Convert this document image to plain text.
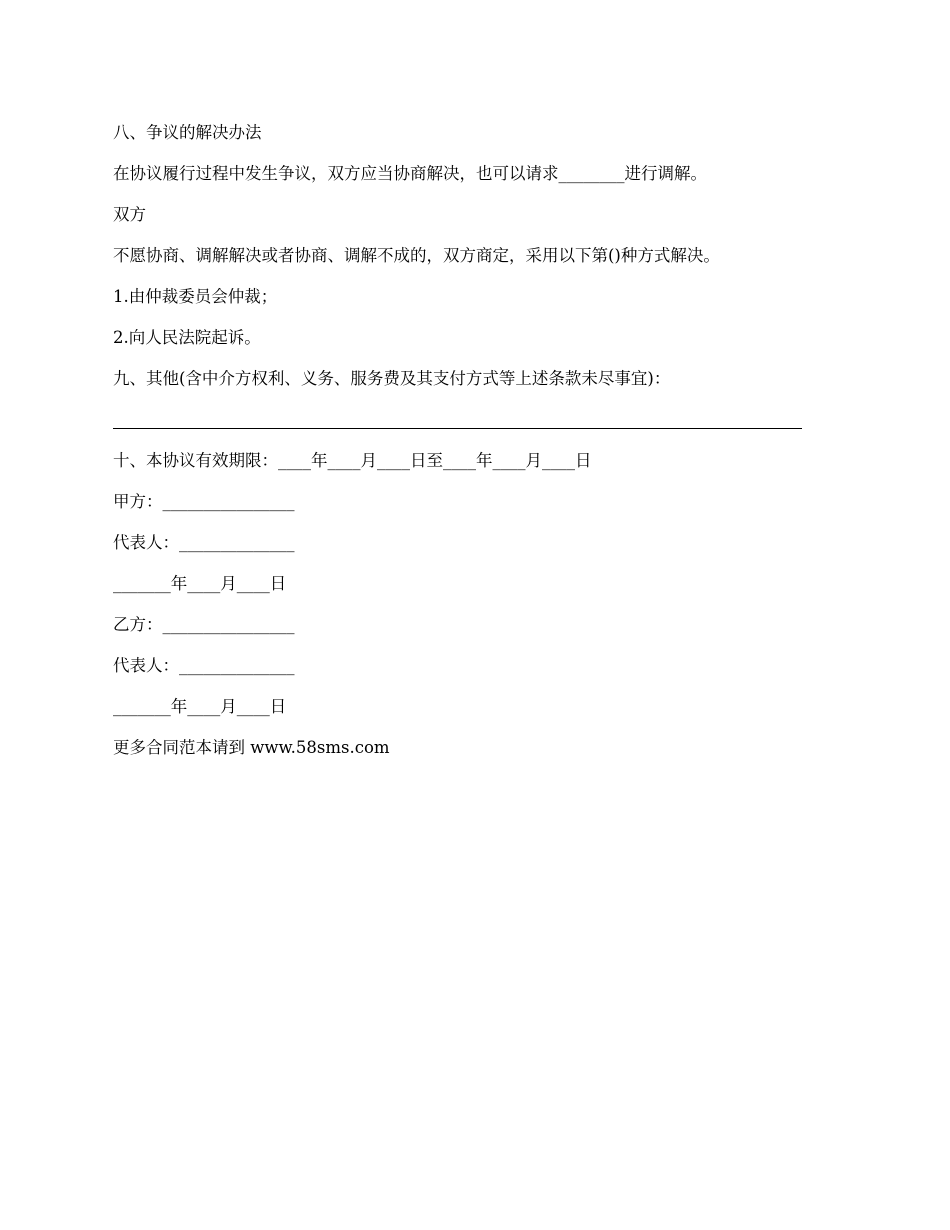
八、争议的解决办法
在协议履行过程中发生争议，双方应当协商解决，也可以请求________进行调解。
双方
不愿协商、调解解决或者协商、调解不成的，双方商定，采用以下第()种方式解决。
1.由仲裁委员会仲裁；
2.向人民法院起诉。
九、其他(含中介方权利、义务、服务费及其支付方式等上述条款未尽事宜)：
十、本协议有效期限：____年____月____日至____年____月____日
甲方：________________
代表人：______________
_______年____月____日
乙方：________________
代表人：______________
_______年____月____日
更多合同范本请到 www.58sms.com
